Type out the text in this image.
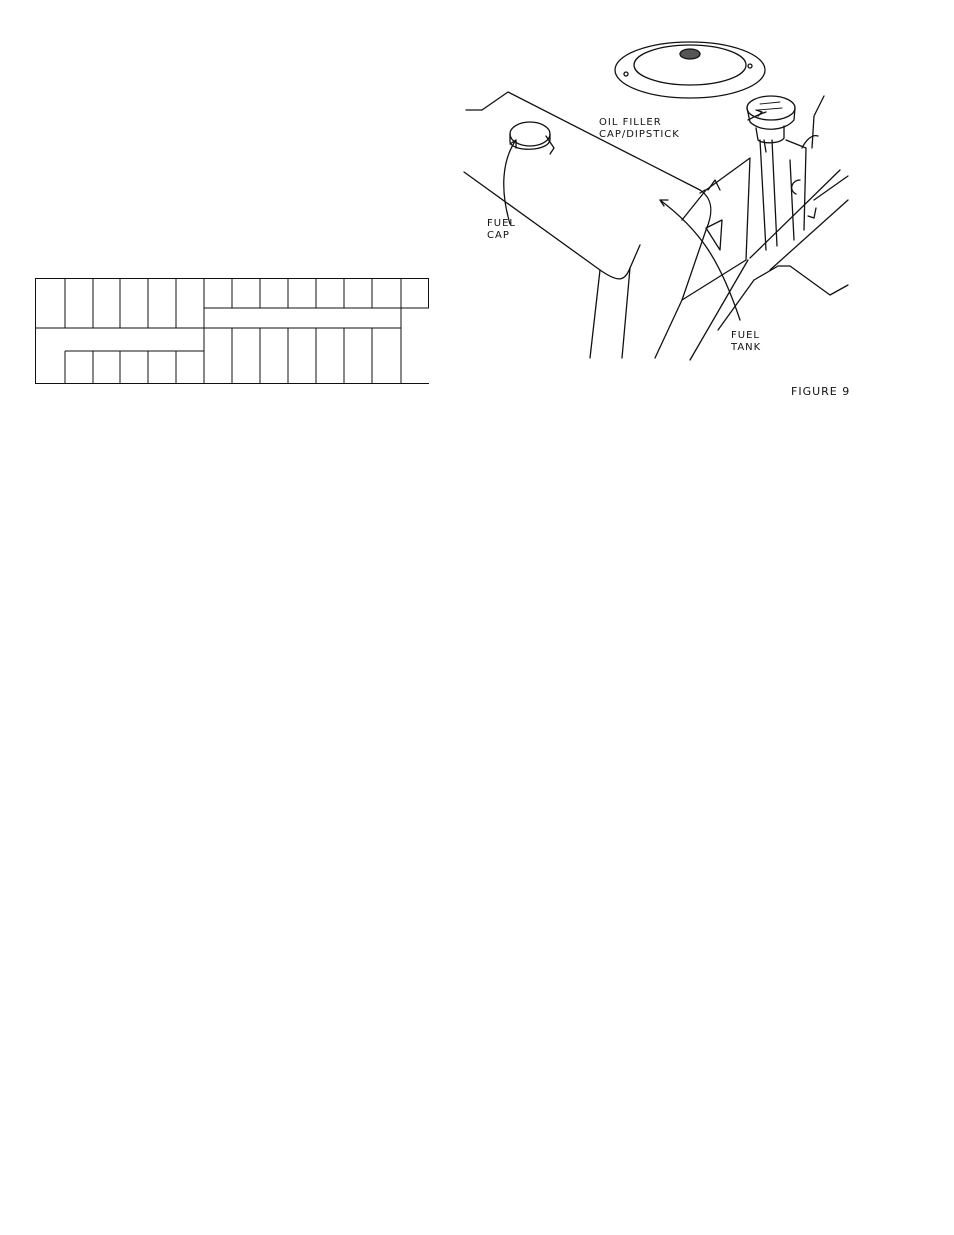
OIL FILLER
CAP/DIPSTICK
FUEL
CAP
FUEL
TANK
FIGURE 9
